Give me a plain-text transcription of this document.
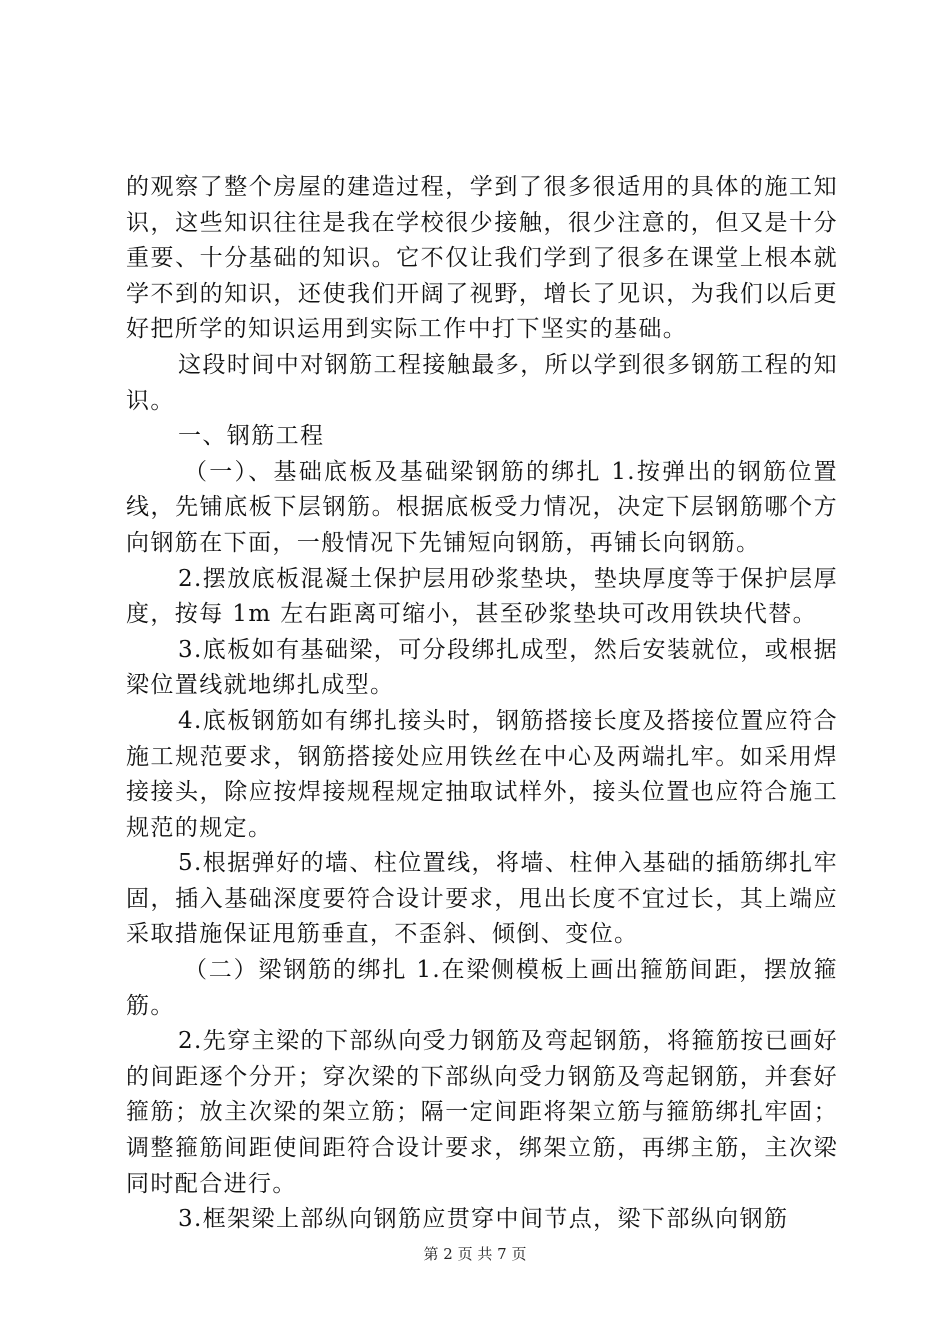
的观察了整个房屋的建造过程，学到了很多很适用的具体的施工知识，这些知识往往是我在学校很少接触，很少注意的，但又是十分重要、十分基础的知识。它不仅让我们学到了很多在课堂上根本就学不到的知识，还使我们开阔了视野，增长了见识，为我们以后更好把所学的知识运用到实际工作中打下坚实的基础。

这段时间中对钢筋工程接触最多，所以学到很多钢筋工程的知识。

一、钢筋工程

（一）、基础底板及基础梁钢筋的绑扎 1.按弹出的钢筋位置线，先铺底板下层钢筋。根据底板受力情况，决定下层钢筋哪个方向钢筋在下面，一般情况下先铺短向钢筋，再铺长向钢筋。

2.摆放底板混凝土保护层用砂浆垫块，垫块厚度等于保护层厚度，按每 1m 左右距离可缩小，甚至砂浆垫块可改用铁块代替。

3.底板如有基础梁，可分段绑扎成型，然后安装就位，或根据梁位置线就地绑扎成型。

4.底板钢筋如有绑扎接头时，钢筋搭接长度及搭接位置应符合施工规范要求，钢筋搭接处应用铁丝在中心及两端扎牢。如采用焊接接头，除应按焊接规程规定抽取试样外，接头位置也应符合施工规范的规定。

5.根据弹好的墙、柱位置线，将墙、柱伸入基础的插筋绑扎牢固，插入基础深度要符合设计要求，甩出长度不宜过长，其上端应采取措施保证甩筋垂直，不歪斜、倾倒、变位。

（二）梁钢筋的绑扎 1.在梁侧模板上画出箍筋间距，摆放箍筋。

2.先穿主梁的下部纵向受力钢筋及弯起钢筋，将箍筋按已画好的间距逐个分开；穿次梁的下部纵向受力钢筋及弯起钢筋，并套好箍筋；放主次梁的架立筋；隔一定间距将架立筋与箍筋绑扎牢固；调整箍筋间距使间距符合设计要求，绑架立筋，再绑主筋，主次梁同时配合进行。

3.框架梁上部纵向钢筋应贯穿中间节点，梁下部纵向钢筋

第 2 页 共 7 页
